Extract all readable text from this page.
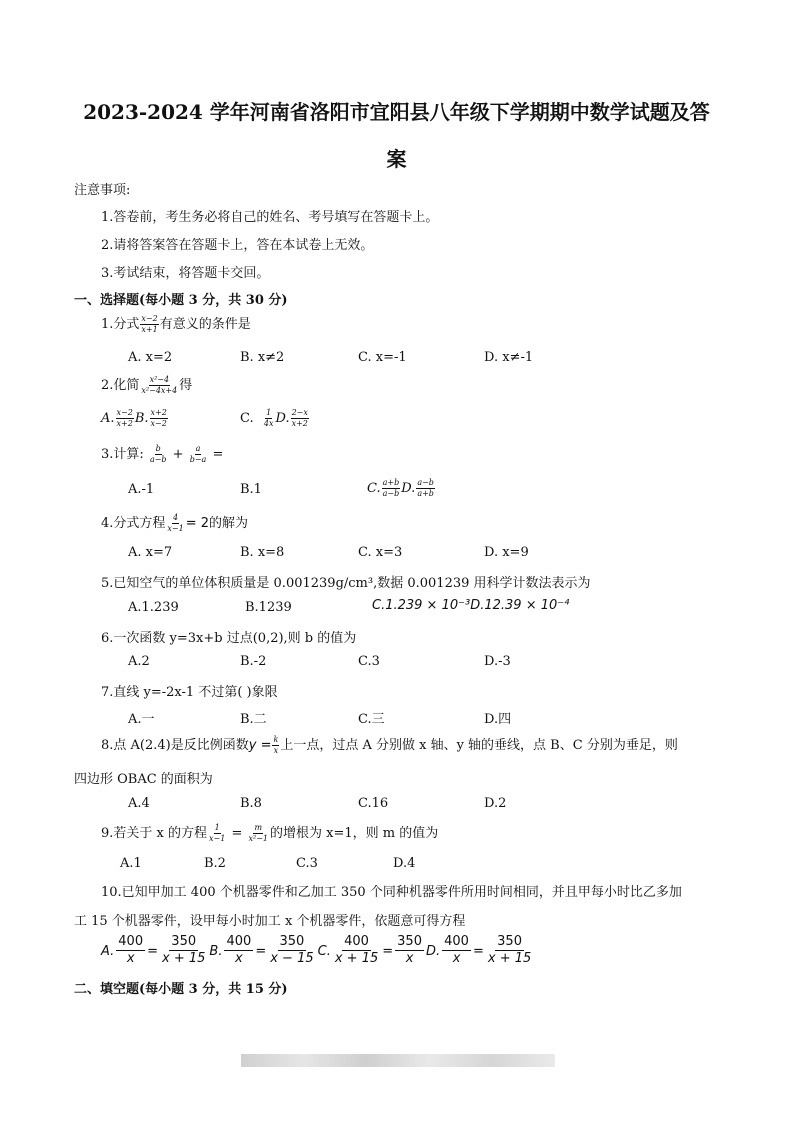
2023-2024 学年河南省洛阳市宜阳县八年级下学期期中数学试题及答
案
注意事项:
1.答卷前，考生务必将自己的姓名、考号填写在答题卡上。
2.请将答案答在答题卡上，答在本试卷上无效。
3.考试结束，将答题卡交回。
一、选择题(每小题 3 分，共 30 分)
1.分式 $\frac{x-2}{x+1}$ 有意义的条件是
A. x=2	B. x≠2	C. x=-1	D. x≠-1
2.化简 $\frac{\text{x²−4}}{\text{x²−4x+4}}$ 得
A. $\frac{x-2}{x+2} B$. $\frac{x+2}{x-2}$	C. $\frac{1}{4x} D$. $\frac{2-x}{x+2}$
3.计算: $\frac{b}{a-b} + \frac{a}{b-a}$ =
A.-1	B.1	C. $\frac{a+b}{a-b} D$. $\frac{a-b}{a+b}$
4.分式方程 $\frac{4}{x-1} = 2$的解为
A. x=7	B. x=8	C. x=3	D. x=9
5.已知空气的单位体积质量是 0.001239g/cm³,数据 0.001239 用科学计数法表示为
A.1.239	B.1239	C.1.239 × 10⁻³D.12.39 × 10⁻⁴
6.一次函数 y=3x+b 过点(0,2),则 b 的值为
A.2	B.-2	C.3	D.-3
7.直线 y=-2x-1 不过第( )象限
A.一	B.二	C.三	D.四
8.点 A(2.4)是反比例函数$y = \frac{k}{x}$ 上一点，过点 A 分别做 x 轴、y 轴的垂线，点 B、C 分别为垂足，则
四边形 OBAC 的面积为
A.4	B.8	C.16	D.2
9.若关于 x 的方程 $\frac{1}{x-1} = \frac{m}{\text{x²−1}}$ 的增根为 x=1，则 m 的值为
A.1	B.2	C.3	D.4
10.已知甲加工 400 个机器零件和乙加工 350 个同种机器零件所用时间相同，并且甲每小时比乙多加
工 15 个机器零件，设甲每小时加工 x 个机器零件，依题意可得方程
A. $\frac{400}{x} = \frac{350}{x + 15} B$. $\frac{400}{x} = \frac{350}{x - 15} C$. $\frac{400}{x + 15} = \frac{350}{x} D$. $\frac{400}{x} = \frac{350}{x + 15}$
二、填空题(每小题 3 分，共 15 分)
